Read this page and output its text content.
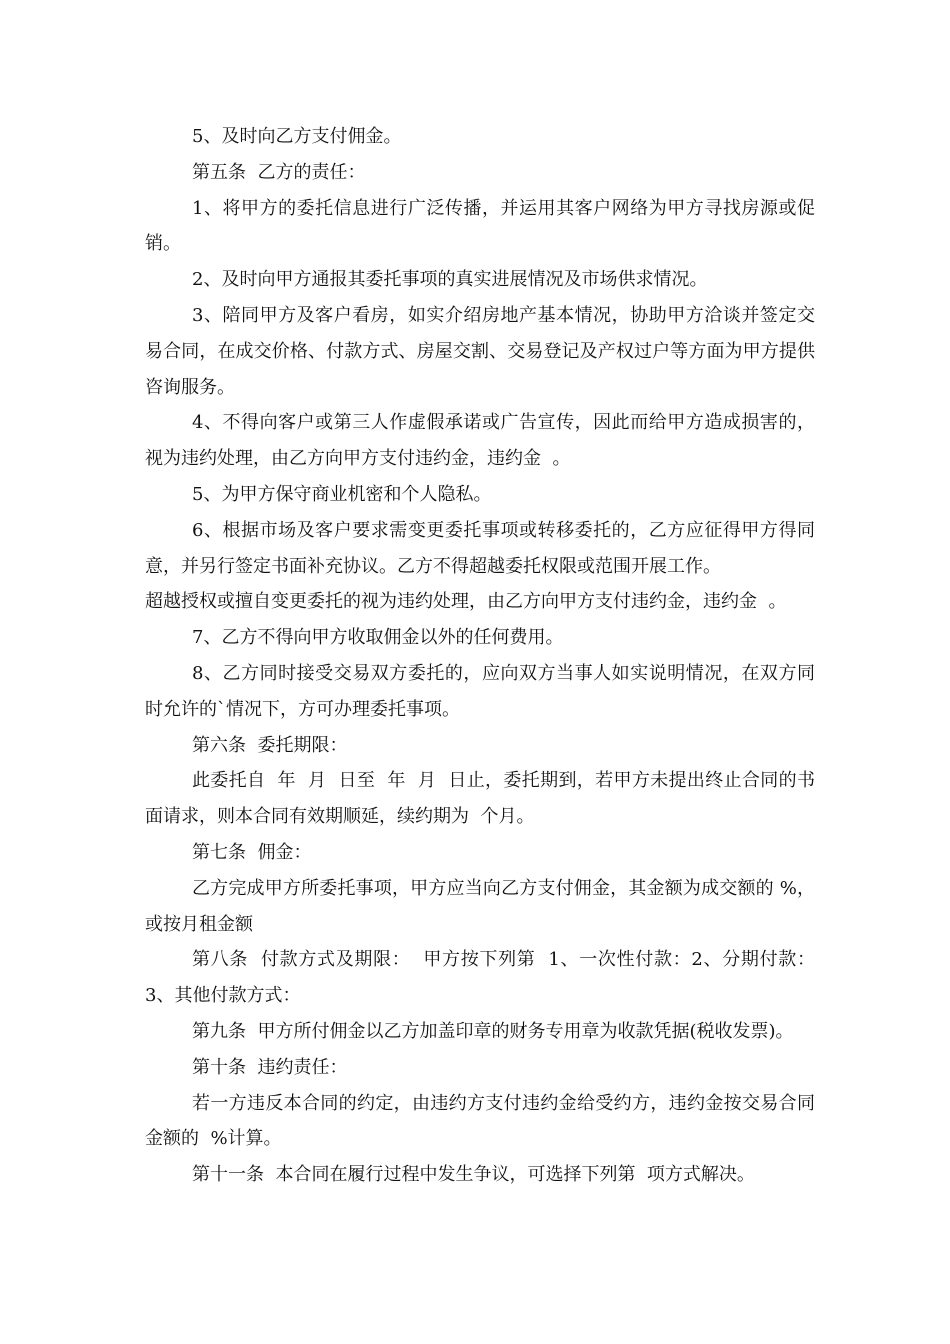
5、及时向乙方支付佣金。

第五条  乙方的责任：

1、将甲方的委托信息进行广泛传播，并运用其客户网络为甲方寻找房源或促销。

2、及时向甲方通报其委托事项的真实进展情况及市场供求情况。

3、陪同甲方及客户看房，如实介绍房地产基本情况，协助甲方洽谈并签定交易合同，在成交价格、付款方式、房屋交割、交易登记及产权过户等方面为甲方提供咨询服务。

4、不得向客户或第三人作虚假承诺或广告宣传，因此而给甲方造成损害的，视为违约处理，由乙方向甲方支付违约金，违约金  。

5、为甲方保守商业机密和个人隐私。

6、根据市场及客户要求需变更委托事项或转移委托的，乙方应征得甲方得同意，并另行签定书面补充协议。乙方不得超越委托权限或范围开展工作。

超越授权或擅自变更委托的视为违约处理，由乙方向甲方支付违约金，违约金  。

7、乙方不得向甲方收取佣金以外的任何费用。

8、乙方同时接受交易双方委托的，应向双方当事人如实说明情况，在双方同时允许的`情况下，方可办理委托事项。

第六条  委托期限：

此委托自  年  月  日至  年  月  日止，委托期到，若甲方未提出终止合同的书面请求，则本合同有效期顺延，续约期为  个月。

第七条  佣金：

乙方完成甲方所委托事项，甲方应当向乙方支付佣金，其金额为成交额的 %，或按月租金额

第八条  付款方式及期限：  甲方按下列第  1、一次性付款：2、分期付款：3、其他付款方式：

第九条  甲方所付佣金以乙方加盖印章的财务专用章为收款凭据(税收发票)。

第十条  违约责任：

若一方违反本合同的约定，由违约方支付违约金给受约方，违约金按交易合同金额的  %计算。

第十一条  本合同在履行过程中发生争议，可选择下列第  项方式解决。
